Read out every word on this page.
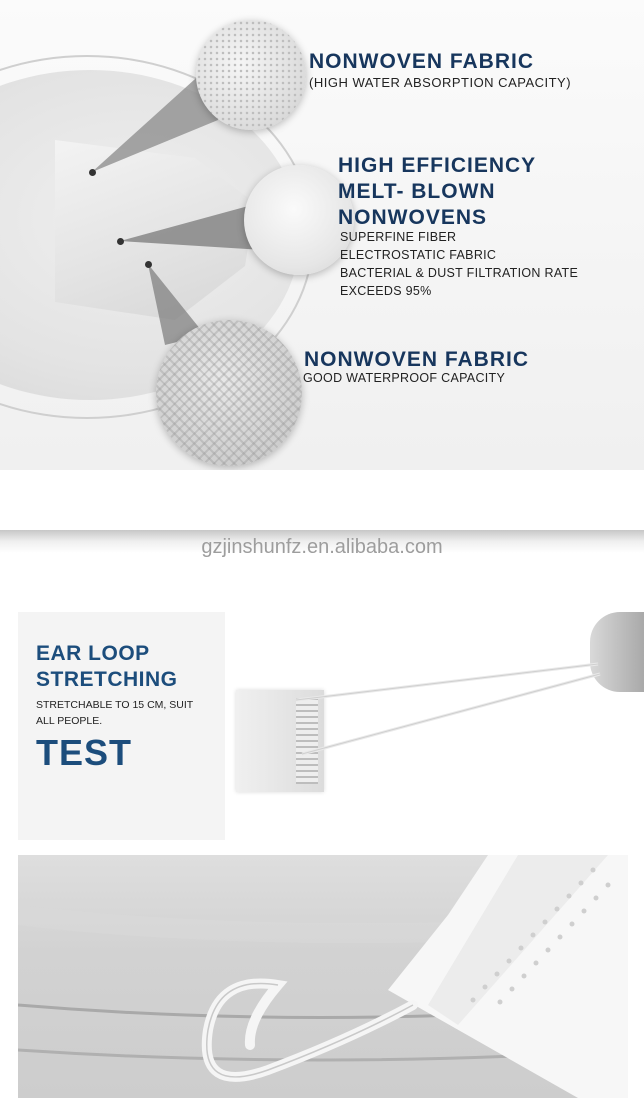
NONWOVEN FABRIC
(HIGH WATER ABSORPTION CAPACITY)
HIGH EFFICIENCY
MELT- BLOWN
NONWOVENS
SUPERFINE FIBER
ELECTROSTATIC FABRIC
BACTERIAL & DUST FILTRATION RATE
EXCEEDS 95%
NONWOVEN FABRIC
GOOD WATERPROOF CAPACITY
gzjinshunfz.en.alibaba.com
EAR LOOP
STRETCHING
STRETCHABLE TO 15 CM, SUIT
ALL PEOPLE.
TEST
